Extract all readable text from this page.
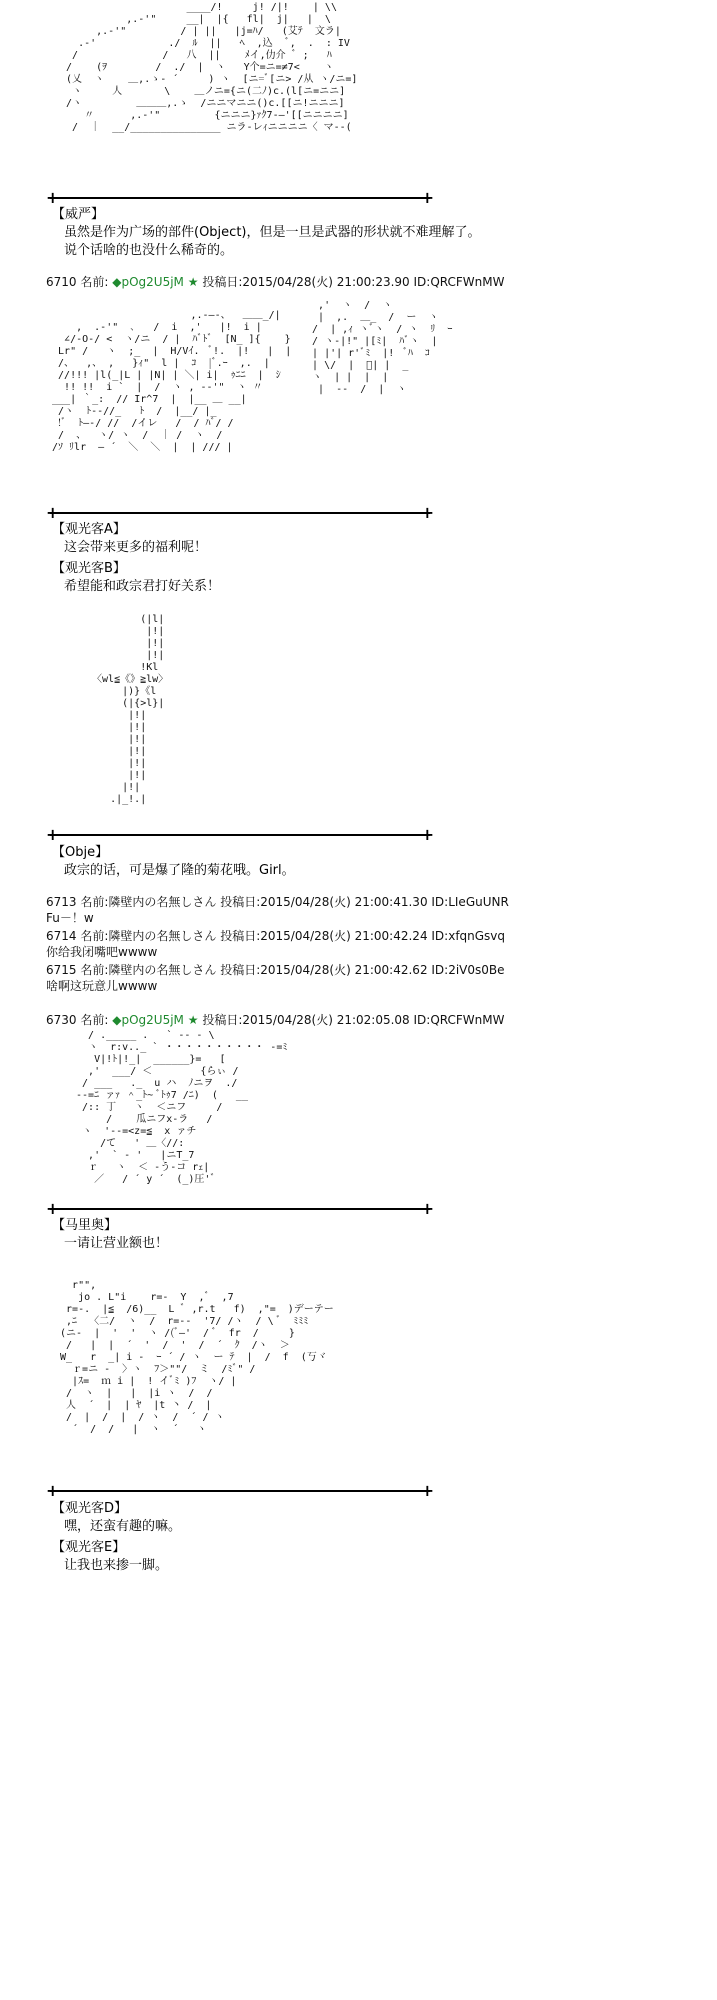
____/!     j! /|!    | \\
,.-'"     __|  |{   fl|  j|   |  \
,.-'"         / | ||   |j=ﾊ/   (艾ﾃ  文ラ|
.-'            ./  ﾙ  ||   ﾍ  ,込  ﾞ,  .  : IV
/              /   八  ||    ﾒイ,仂介 ﾞ ;   ﾊ
/    (ｦ        /  ./  |  ヽ   Y个=ニ=≠7<    ヽ
(乂  ヽ    ＿,.ゝ‐ ´     ) ヽ  [ニ=ﾞ[ニ> /从 ヽ/ニ=]
ヽ     人       \    ＿ノニ={ニ(二ﾉ)c.(l[ニ=ニニ]
/ヽ         ＿＿＿,.ゝ  /ニニマニニ()c.[[ニ!ニニニ]
〃      ,.-'"         {ニニニ}ｧｸ7-―'[[ニニニニ]
/  ｜  __/_______________ ニラ-レｨニニニニ〈 マ-‐(
+ +
【威严】
虽然是作为广场的部件(Object)，但是一旦是武器的形状就不难理解了。
说个话啥的也没什么稀奇的。
6710 名前: ◆pOg2U5jM ★ 投稿日:2015/04/28(火) 21:00:23.90 ID:QRCFWnMW
,.-―-、  ＿＿_/|
,  .-'"  ､   /  i  ,'   |!  i |
∠/-O-/ <  ヽ/ニ  / |  ﾊﾞﾄﾞ  [N_ ]{    }
Lr" /   ヽ  ;_  |  H/Vｲ.  ﾞ!.  |!   |  |
/、  ,、 ,   }ｨ"  l |  ｺ  |ﾞ.ｰ  ,.  |
//!!! |l(_|L | |N| | ＼| i|  ｩﾆﾆ  |  ｼ
!! !!  i `  |  /  ヽ , -‐'"  ヽ 〃
___| ｀_:  // Ir^7  |  |__ ＿ __|
/ヽ  ﾄ-‐//_   ﾄ  /  |__/ |_
!ﾞ  ﾄ―-/ //  /イレ   /  / ﾊﾞ/ /
/  、  ヽ/ ヽ  /  ｜ /  ヽ  /
/ｿ ﾘlr  ― ´  ＼  ＼  |  | /// |
,'  ヽ  /  ヽ
|  ,.  ＿_  /  ー  ヽ
/  | ,ｨ ヽﾞヽ  / ヽ  ﾘ  ｰ
/ ヽ-|!" |[ﾐ|  ﾊﾞヽ  |
| |'| r'ﾞﾐ  |!  ﾞﾊ  ｺ
| \/  |  ﾞ| |  _
ヽ  | |  |  |
|  -‐  /  |  ヽ
+ +
【观光客A】
这会带来更多的福利呢！
【观光客B】
希望能和政宗君打好关系！
(|l|
|!|
|!|
|!|
!Kl
〈wl≦《》≧lw〉
|)}《l
(|{>l}|
|!|
|!|
|!|
|!|
|!|
|!|
|!|
.|_!.|
+ +
【Obje】
政宗的话，可是爆了隆的菊花哦。Girl。
6713 名前:隣壁内の名無しさん 投稿日:2015/04/28(火) 21:00:41.30 ID:LIeGuUNR
Fu－！w
6714 名前:隣壁内の名無しさん 投稿日:2015/04/28(火) 21:00:42.24 ID:xfqnGsvq
你给我闭嘴吧wwww
6715 名前:隣壁内の名無しさん 投稿日:2015/04/28(火) 21:00:42.62 ID:2iV0s0Be
啥啊这玩意儿wwww
6730 名前: ◆pOg2U5jM ★ 投稿日:2015/04/28(火) 21:02:05.08 ID:QRCFWnMW
/ ._____ .   ` -- ‐ \
ヽ  r:v.._ ` ・・・・・・・・・・ -=ﾐ
V|!ﾄ|!_|  ______}=   [
,'  ___/ ＜        {らぃ /
/ ___   ._  u ハ  ﾉニヲ  ./
‐‐=ﾆ ァｧ ＾_ﾄ~ ﾞﾄｩ7 /ﾆ)  (   __
/:: 丁   ヽ  ＜ニフ     /
/    瓜ニフx-ラ   /
ヽ  '--=<z=≦  x ァチ
/て   ' ＿〈//:
,'  ` ‐ '   |ニT_7
ｒ   ヽ  ＜ ‐う-コ rｪ|
／   / ´ y ´  (_)圧'ﾞ
+ +
【马里奥】
一请让营业额也！
r"",
jo . L"i    r=-  Y  ,ﾞ  ,7
r=-.  |≦  /6)__  L ﾞ ,r.t   f)  ,"=  )デーテー
,ﾆ  〈二/  ヽ  /  r=--  '7/ /ヽ  / \ ﾞ  ﾐﾐﾐ
(ニ-  |  '  '  ヽ /(ﾞ―'  / ﾞ  fr  /     }
/   |  |  ´  '  /  '  /  ´  ｸ  /ヽ  ＞
W_   r  _| i ‐  ｰ ´ / ヽ  ー ﾃ  |  /  f  (丂ヾ
ｒ=ニ ‐  〉ヽ  ﾌ＞""/  ミ  /ﾐﾞ" /
|ｽ=  ｍ i |  ! イﾞﾐ )ﾌ  ヽ/ |
/  ヽ  |   |  |i ヽ  /  /
人  ´  |  | ﾔ  |t 丶 /  |
/  |  /  |  / ヽ  /  ´ / ヽ
´  /  /   |  ヽ  ´   ヽ
+ +
【观光客D】
嘿，还蛮有趣的嘛。
【观光客E】
让我也来掺一脚。
